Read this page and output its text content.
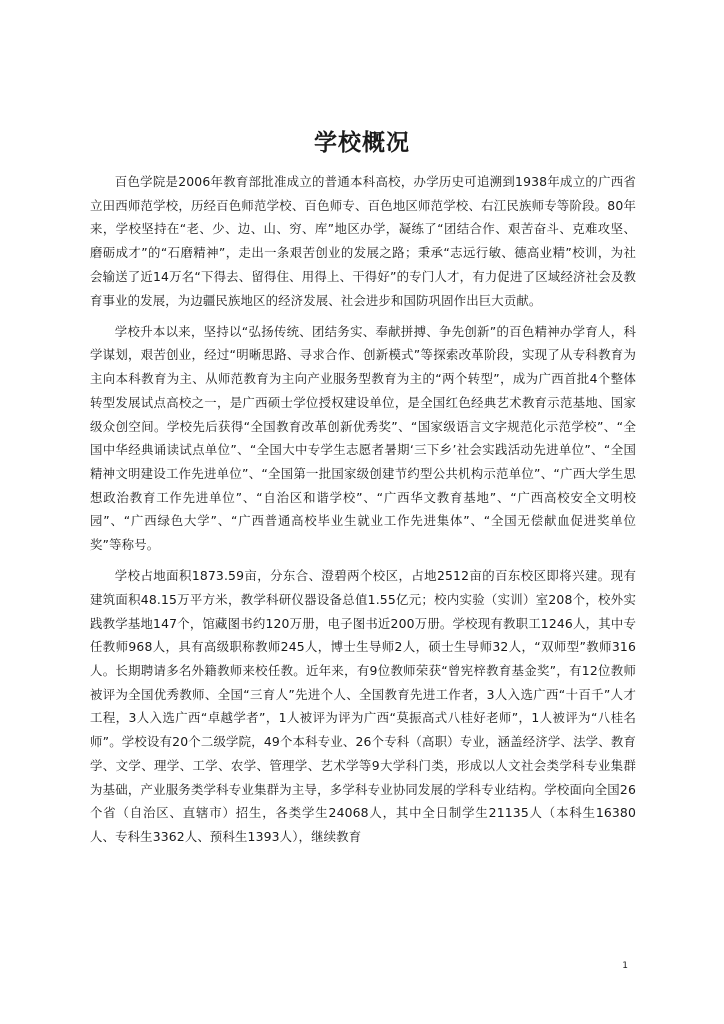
学校概况

百色学院是2006年教育部批准成立的普通本科高校，办学历史可追溯到1938年成立的广西省立田西师范学校，历经百色师范学校、百色师专、百色地区师范学校、右江民族师专等阶段。80年来，学校坚持在“老、少、边、山、穷、库”地区办学，凝练了“团结合作、艰苦奋斗、克难攻坚、磨砺成才”的“石磨精神”，走出一条艰苦创业的发展之路；秉承“志远行敏、德高业精”校训，为社会输送了近14万名“下得去、留得住、用得上、干得好”的专门人才，有力促进了区域经济社会及教育事业的发展，为边疆民族地区的经济发展、社会进步和国防巩固作出巨大贡献。

学校升本以来，坚持以“弘扬传统、团结务实、奉献拼搏、争先创新”的百色精神办学育人，科学谋划，艰苦创业，经过“明晰思路、寻求合作、创新模式”等探索改革阶段，实现了从专科教育为主向本科教育为主、从师范教育为主向产业服务型教育为主的“两个转型”，成为广西首批4个整体转型发展试点高校之一，是广西硕士学位授权建设单位，是全国红色经典艺术教育示范基地、国家级众创空间。学校先后获得“全国教育改革创新优秀奖”、“国家级语言文字规范化示范学校”、“全国中华经典诵读试点单位”、“全国大中专学生志愿者暑期‘三下乡’社会实践活动先进单位”、“全国精神文明建设工作先进单位”、“全国第一批国家级创建节约型公共机构示范单位”、“广西大学生思想政治教育工作先进单位”、“自治区和谐学校”、“广西华文教育基地”、“广西高校安全文明校园”、“广西绿色大学”、“广西普通高校毕业生就业工作先进集体”、“全国无偿献血促进奖单位奖”等称号。

学校占地面积1873.59亩，分东合、澄碧两个校区，占地2512亩的百东校区即将兴建。现有建筑面积48.15万平方米，教学科研仪器设备总值1.55亿元；校内实验（实训）室208个，校外实践教学基地147个，馆藏图书约120万册，电子图书近200万册。学校现有教职工1246人，其中专任教师968人，具有高级职称教师245人，博士生导师2人，硕士生导师32人，“双师型”教师316人。长期聘请多名外籍教师来校任教。近年来，有9位教师荣获“曾宪梓教育基金奖”，有12位教师被评为全国优秀教师、全国“三育人”先进个人、全国教育先进工作者，3人入选广西“十百千”人才工程，3人入选广西“卓越学者”，1人被评为评为广西“莫振高式八桂好老师”，1人被评为“八桂名师”。学校设有20个二级学院，49个本科专业、26个专科（高职）专业，涵盖经济学、法学、教育学、文学、理学、工学、农学、管理学、艺术学等9大学科门类，形成以人文社会类学科专业集群为基础，产业服务类学科专业集群为主导，多学科专业协同发展的学科专业结构。学校面向全国26个省（自治区、直辖市）招生，各类学生24068人，其中全日制学生21135人（本科生16380人、专科生3362人、预科生1393人），继续教育

1
